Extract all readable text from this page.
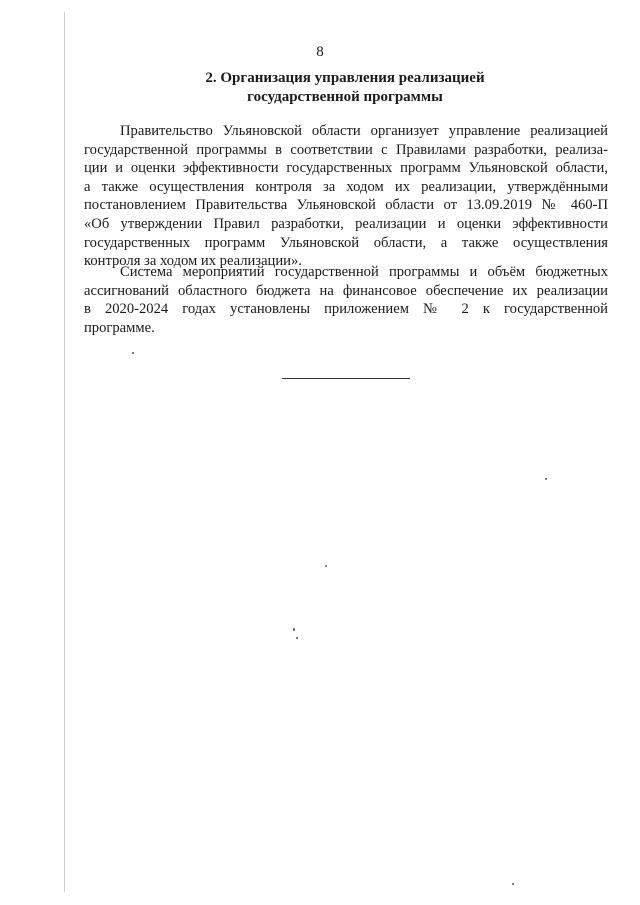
8
2. Организация управления реализацией
государственной программы
Правительство Ульяновской области организует управление реализацией
государственной программы в соответствии с Правилами разработки, реализа-
ции и оценки эффективности государственных программ Ульяновской области,
а также осуществления контроля за ходом их реализации, утверждёнными
постановлением Правительства Ульяновской области от 13.09.2019 № 460-П
«Об утверждении Правил разработки, реализации и оценки эффективности
государственных программ Ульяновской области, а также осуществления
контроля за ходом их реализации».
Система мероприятий государственной программы и объём бюджетных
ассигнований областного бюджета на финансовое обеспечение их реализации
в 2020-2024 годах установлены приложением № 2 к государственной
программе.
